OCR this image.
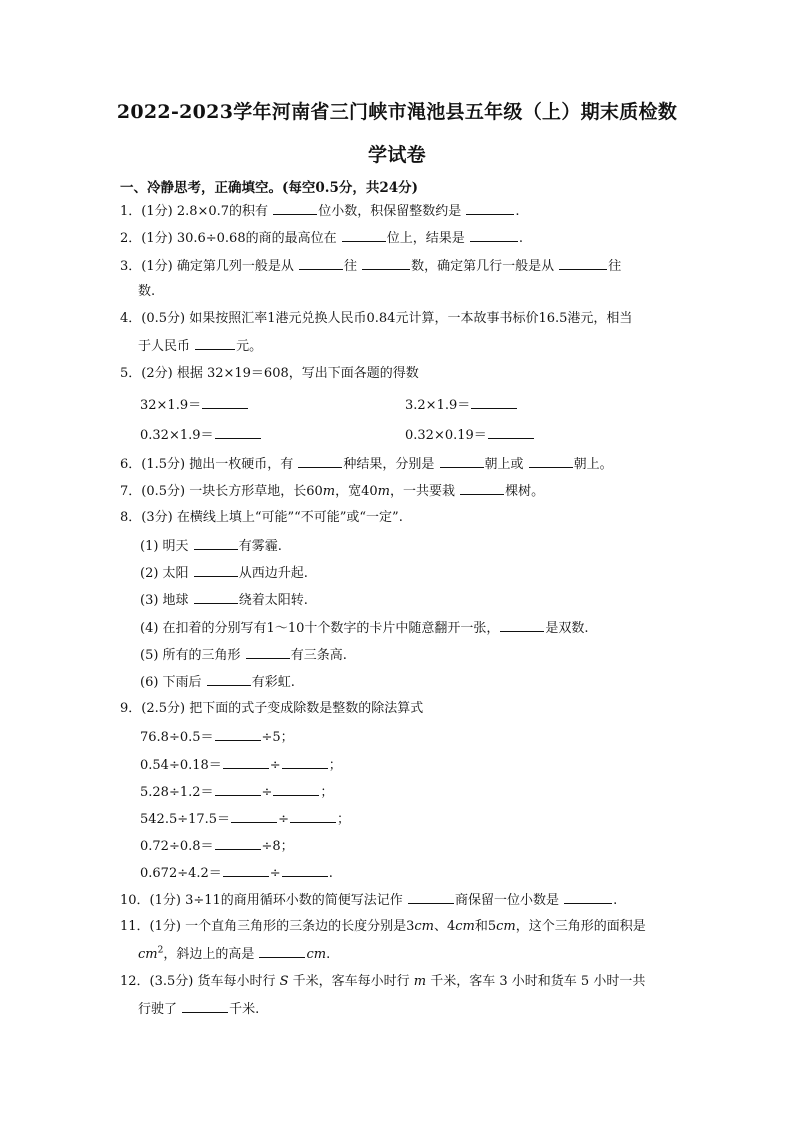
2022-2023学年河南省三门峡市渑池县五年级（上）期末质检数
学试卷
一、冷静思考，正确填空。(每空0.5分，共24分)
1．(1分) 2.8×0.7的积有	位小数，积保留整数约是	.
2．(1分) 30.6÷0.68的商的最高位在	位上，结果是	.
3．(1分) 确定第几列一般是从	往	数，确定第几行一般是从	往
数.
4．(0.5分) 如果按照汇率1港元兑换人民币0.84元计算，一本故事书标价16.5港元，相当
于人民币	元。
5．(2分) 根据 32×19＝608，写出下面各题的得数
32×1.9＝	3.2×1.9＝
0.32×1.9＝	0.32×0.19＝
6．(1.5分) 抛出一枚硬币，有	种结果，分别是	朝上或	朝上。
7．(0.5分) 一块长方形草地，长60m，宽40m，一共要栽	棵树。
8．(3分) 在横线上填上“可能”“不可能”或“一定”.
(1) 明天	有雾霾.
(2) 太阳	从西边升起.
(3) 地球	绕着太阳转.
(4) 在扣着的分别写有1～10十个数字的卡片中随意翻开一张，	是双数.
(5) 所有的三角形	有三条高.
(6) 下雨后	有彩虹.
9．(2.5分) 把下面的式子变成除数是整数的除法算式
76.8÷0.5＝	÷5；
0.54÷0.18＝	÷	；
5.28÷1.2＝	÷	；
542.5÷17.5＝	÷	；
0.72÷0.8＝	÷8；
0.672÷4.2＝	÷	.
10．(1分) 3÷11的商用循环小数的简便写法记作	商保留一位小数是	.
11．(1分) 一个直角三角形的三条边的长度分别是3cm、4cm和5cm，这个三角形的面积是
$cm^2$，斜边上的高是	cm.
12．(3.5分) 货车每小时行 S 千米，客车每小时行 m 千米，客车 3 小时和货车 5 小时一共
行驶了	千米.
